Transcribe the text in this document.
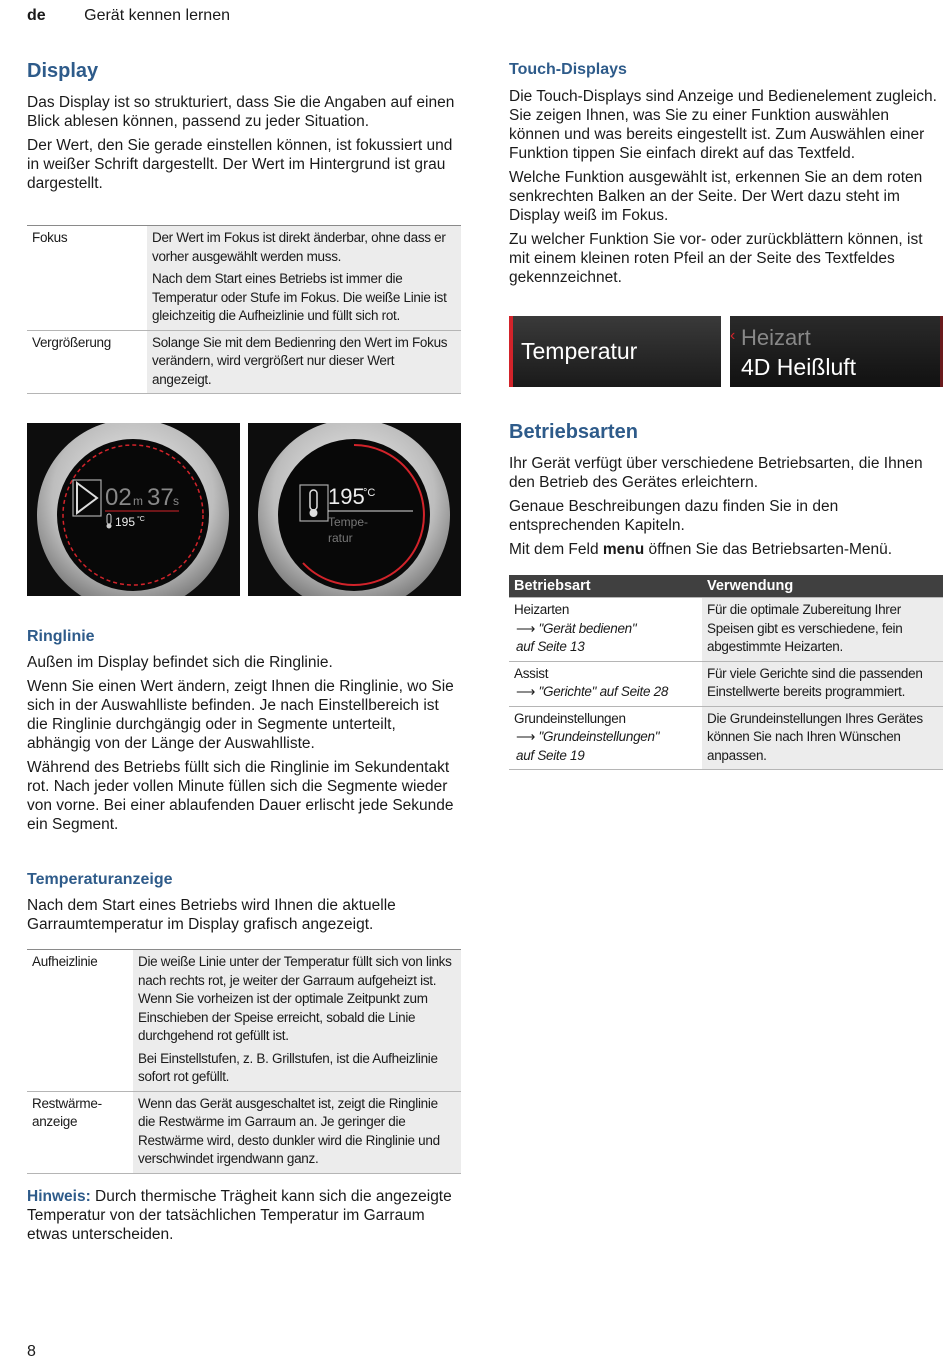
de Gerät kennen lernen
Display

Das Display ist so strukturiert, dass Sie die Angaben auf einen Blick ablesen können, passend zu jeder Situation.

Der Wert, den Sie gerade einstellen können, ist fokussiert und in weißer Schrift dargestellt. Der Wert im Hintergrund ist grau dargestellt.

Fokus	Der Wert im Fokus ist direkt änderbar, ohne dass er vorher ausgewählt werden muss.

Nach dem Start eines Betriebs ist immer die Temperatur oder Stufe im Fokus. Die weiße Linie ist gleichzeitig die Aufheizlinie und füllt sich rot.

Vergrößerung	Solange Sie mit dem Bedienring den Wert im Fokus verändern, wird vergrößert nur dieser Wert angezeigt.

02 m 37 s
195 °C
195
°C
Tempe-
ratur
Ringlinie

Außen im Display befindet sich die Ringlinie.

Wenn Sie einen Wert ändern, zeigt Ihnen die Ringlinie, wo Sie sich in der Auswahlliste befinden. Je nach Einstellbereich ist die Ringlinie durchgängig oder in Segmente unterteilt, abhängig von der Länge der Auswahlliste.

Während des Betriebs füllt sich die Ringlinie im Sekundentakt rot. Nach jeder vollen Minute füllen sich die Segmente wieder von vorne. Bei einer ablaufenden Dauer erlischt jede Sekunde ein Segment.

Temperaturanzeige

Nach dem Start eines Betriebs wird Ihnen die aktuelle Garraumtemperatur im Display grafisch angezeigt.

Aufheizlinie	Die weiße Linie unter der Temperatur füllt sich von links nach rechts rot, je weiter der Garraum aufgeheizt ist. Wenn Sie vorheizen ist der optimale Zeitpunkt zum Einschieben der Speise erreicht, sobald die Linie durchgehend rot gefüllt ist.

Bei Einstellstufen, z. B. Grillstufen, ist die Aufheizlinie sofort rot gefüllt.

Restwärme-anzeige	Wenn das Gerät ausgeschaltet ist, zeigt die Ringlinie die Restwärme im Garraum an. Je geringer die Restwärme wird, desto dunkler wird die Ringlinie und verschwindet irgendwann ganz.

Hinweis: Durch thermische Trägheit kann sich die angezeigte Temperatur von der tatsächlichen Temperatur im Garraum etwas unterscheiden.

Touch-Displays

Die Touch-Displays sind Anzeige und Bedienelement zugleich. Sie zeigen Ihnen, was Sie zu einer Funktion auswählen können und was bereits eingestellt ist. Zum Auswählen einer Funktion tippen Sie einfach direkt auf das Textfeld.

Welche Funktion ausgewählt ist, erkennen Sie an dem roten senkrechten Balken an der Seite. Der Wert dazu steht im Display weiß im Fokus.

Zu welcher Funktion Sie vor- oder zurückblättern können, ist mit einem kleinen roten Pfeil an der Seite des Textfeldes gekennzeichnet.

Temperatur
‹ Heizart
4D Heißluft
Betriebsarten

Ihr Gerät verfügt über verschiedene Betriebsarten, die Ihnen den Betrieb des Gerätes erleichtern.

Genaue Beschreibungen dazu finden Sie in den entsprechenden Kapiteln.

Mit dem Feld menu öffnen Sie das Betriebsarten-Menü.

Betriebsart	Verwendung

Heizarten
⟶ "Gerät bedienen"
auf Seite 13	Für die optimale Zubereitung Ihrer Speisen gibt es verschiedene, fein abgestimmte Heizarten.

Assist
⟶ "Gerichte" auf Seite 28	Für viele Gerichte sind die passenden Einstellwerte bereits programmiert.

Grundeinstellungen
⟶ "Grundeinstellungen"
auf Seite 19	Die Grundeinstellungen Ihres Gerätes können Sie nach Ihren Wünschen anpassen.
8
